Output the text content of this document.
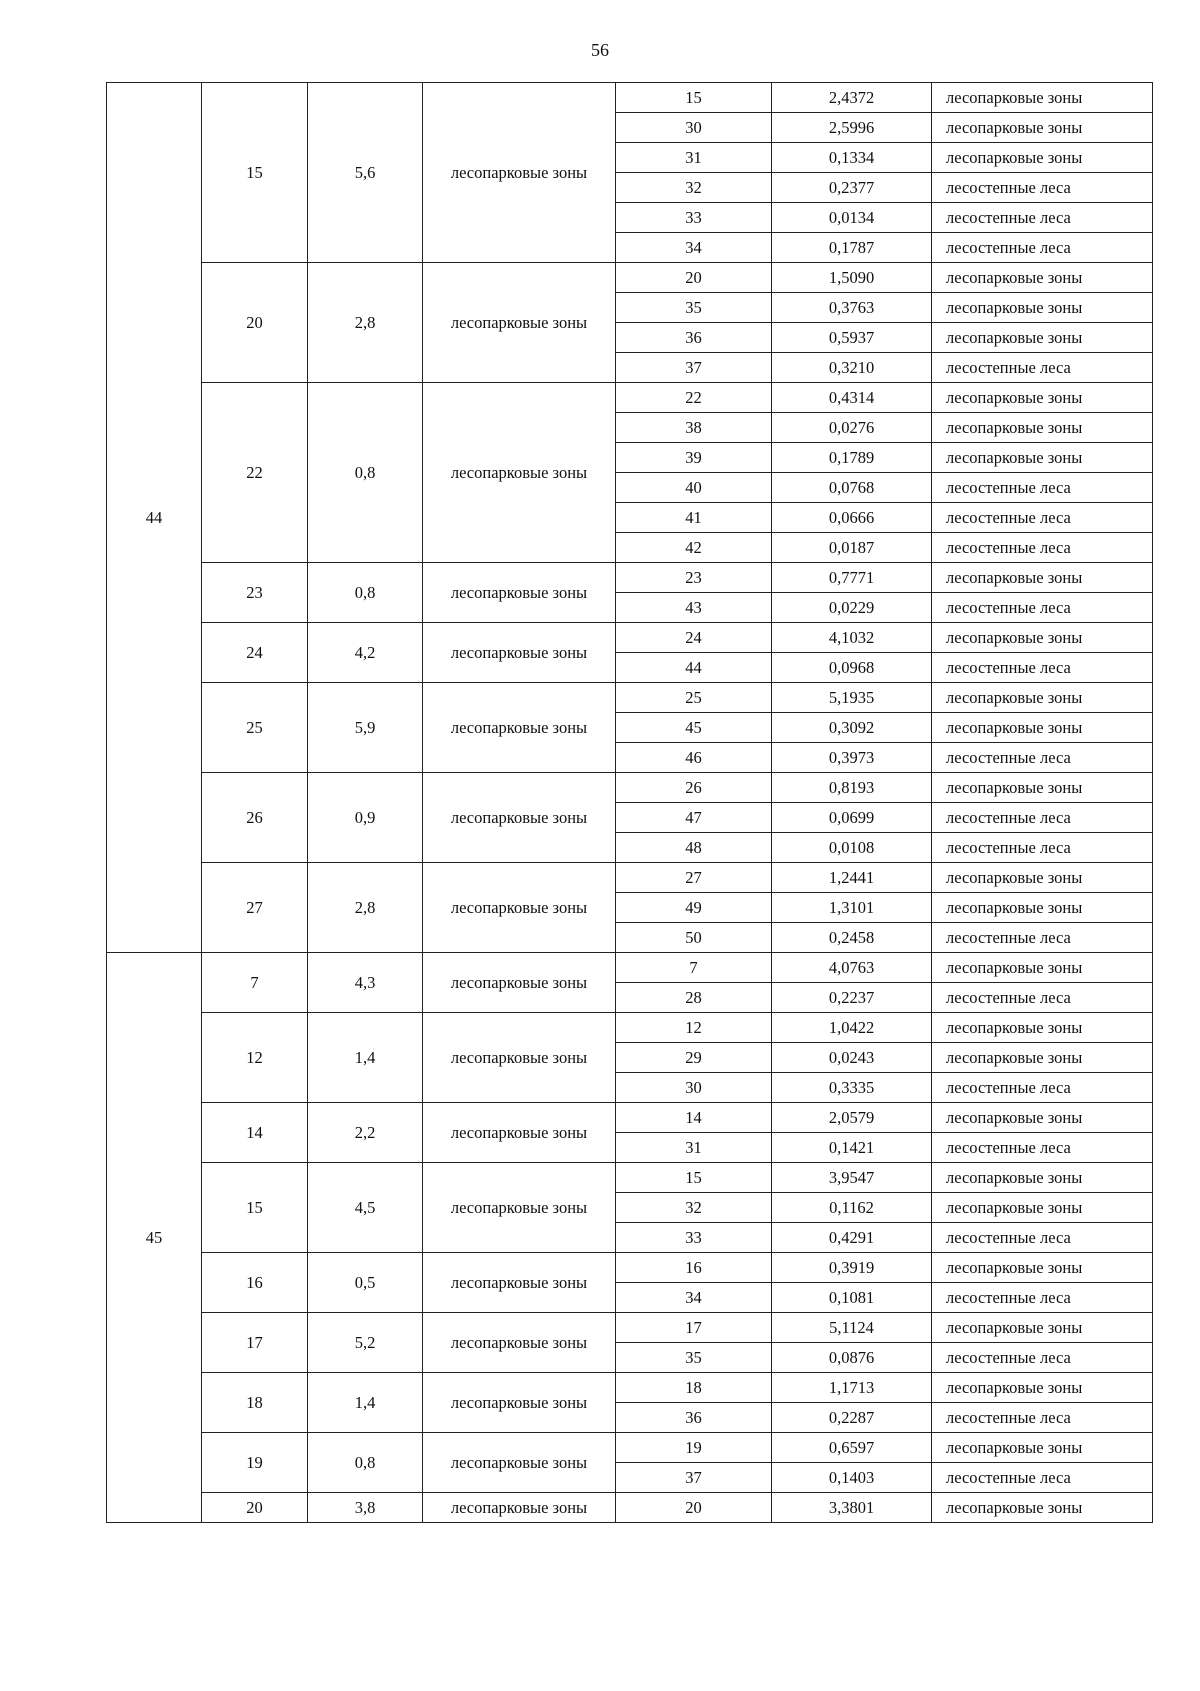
56
44	15	5,6	лесопарковые зоны	15	2,4372	лесопарковые зоны
				30	2,5996	лесопарковые зоны
				31	0,1334	лесопарковые зоны
				32	0,2377	лесостепные леса
				33	0,0134	лесостепные леса
				34	0,1787	лесостепные леса
	20	2,8	лесопарковые зоны	20	1,5090	лесопарковые зоны
				35	0,3763	лесопарковые зоны
				36	0,5937	лесопарковые зоны
				37	0,3210	лесостепные леса
	22	0,8	лесопарковые зоны	22	0,4314	лесопарковые зоны
				38	0,0276	лесопарковые зоны
				39	0,1789	лесопарковые зоны
				40	0,0768	лесостепные леса
				41	0,0666	лесостепные леса
				42	0,0187	лесостепные леса
	23	0,8	лесопарковые зоны	23	0,7771	лесопарковые зоны
				43	0,0229	лесостепные леса
	24	4,2	лесопарковые зоны	24	4,1032	лесопарковые зоны
				44	0,0968	лесостепные леса
	25	5,9	лесопарковые зоны	25	5,1935	лесопарковые зоны
				45	0,3092	лесопарковые зоны
				46	0,3973	лесостепные леса
	26	0,9	лесопарковые зоны	26	0,8193	лесопарковые зоны
				47	0,0699	лесостепные леса
				48	0,0108	лесостепные леса
	27	2,8	лесопарковые зоны	27	1,2441	лесопарковые зоны
				49	1,3101	лесопарковые зоны
				50	0,2458	лесостепные леса
45	7	4,3	лесопарковые зоны	7	4,0763	лесопарковые зоны
				28	0,2237	лесостепные леса
	12	1,4	лесопарковые зоны	12	1,0422	лесопарковые зоны
				29	0,0243	лесопарковые зоны
				30	0,3335	лесостепные леса
	14	2,2	лесопарковые зоны	14	2,0579	лесопарковые зоны
				31	0,1421	лесостепные леса
	15	4,5	лесопарковые зоны	15	3,9547	лесопарковые зоны
				32	0,1162	лесопарковые зоны
				33	0,4291	лесостепные леса
	16	0,5	лесопарковые зоны	16	0,3919	лесопарковые зоны
				34	0,1081	лесостепные леса
	17	5,2	лесопарковые зоны	17	5,1124	лесопарковые зоны
				35	0,0876	лесостепные леса
	18	1,4	лесопарковые зоны	18	1,1713	лесопарковые зоны
				36	0,2287	лесостепные леса
	19	0,8	лесопарковые зоны	19	0,6597	лесопарковые зоны
				37	0,1403	лесостепные леса
	20	3,8	лесопарковые зоны	20	3,3801	лесопарковые зоны
